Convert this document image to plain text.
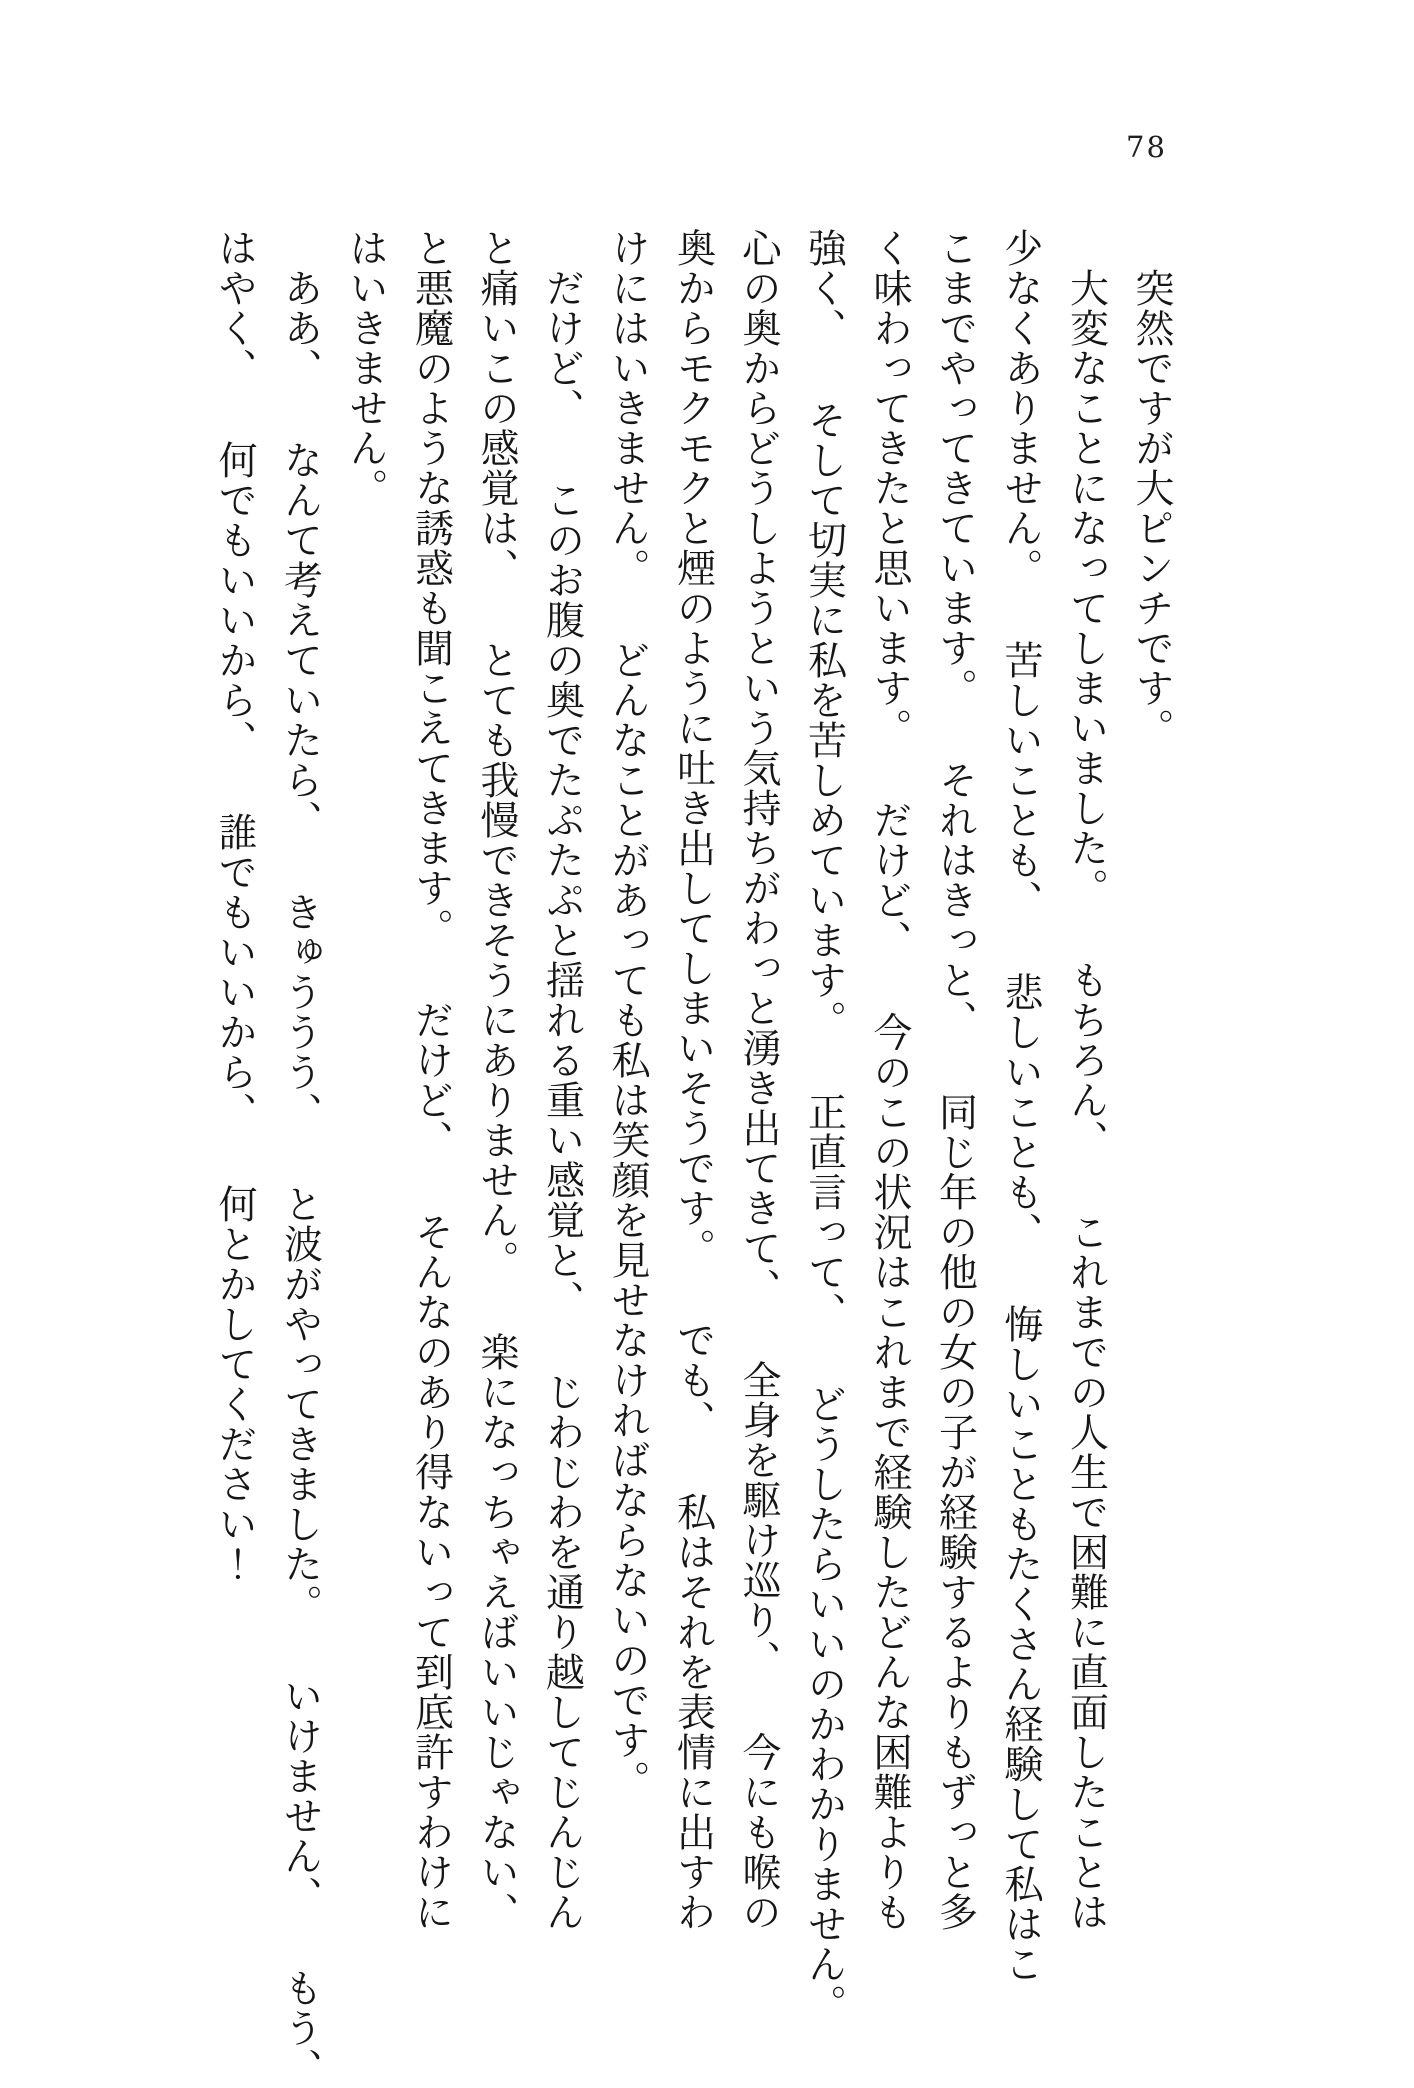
78
突然ですが大ピンチです。
大変なことになってしまいました。 もちろん、 これまでの人生で困難に直面したことは
少なくありません。 苦しいことも、 悲しいことも、 悔しいこともたくさん経験して私はこ
こまでやってきています。 それはきっと、 同じ年の他の女の子が経験するよりもずっと多
く味わってきたと思います。 だけど、 今のこの状況はこれまで経験したどんな困難よりも
強く、 そして切実に私を苦しめています。 正直言って、 どうしたらいいのかわかりません。
心の奥からどうしようという気持ちがわっと湧き出てきて、 全身を駆け巡り、 今にも喉の
奥からモクモクと煙のように吐き出してしまいそうです。 でも、 私はそれを表情に出すわ
けにはいきません。 どんなことがあっても私は笑顔を見せなければならないのです。
だけど、 このお腹の奥でたぷたぷと揺れる重い感覚と、 じわじわを通り越してじんじん
と痛いこの感覚は、 とても我慢できそうにありません。 楽になっちゃえばいいじゃない、
と悪魔のような誘惑も聞こえてきます。 だけど、 そんなのあり得ないって到底許すわけに
はいきません。
ああ、 なんて考えていたら、 きゅううう、 と波がやってきました。 いけません、 もう、
はやく、 何でもいいから、 誰でもいいから、 何とかしてください！
